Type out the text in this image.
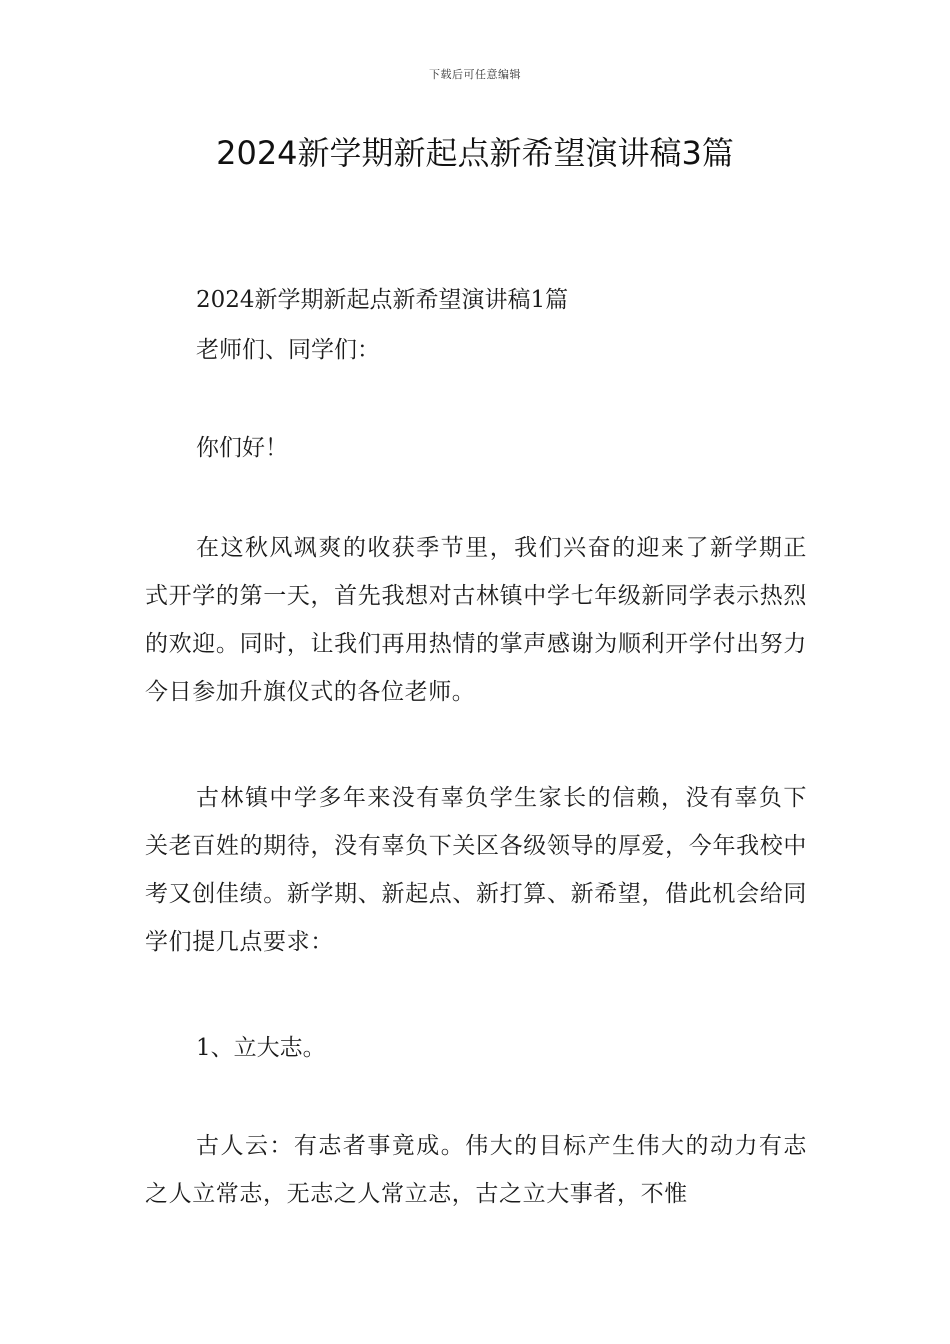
下载后可任意编辑
2024新学期新起点新希望演讲稿3篇

2024新学期新起点新希望演讲稿1篇

老师们、同学们：

你们好！

在这秋风飒爽的收获季节里，我们兴奋的迎来了新学期正式开学的第一天，首先我想对古林镇中学七年级新同学表示热烈的欢迎。同时，让我们再用热情的掌声感谢为顺利开学付出努力今日参加升旗仪式的各位老师。

古林镇中学多年来没有辜负学生家长的信赖，没有辜负下关老百姓的期待，没有辜负下关区各级领导的厚爱，今年我校中考又创佳绩。新学期、新起点、新打算、新希望，借此机会给同学们提几点要求：

1、立大志。

古人云：有志者事竟成。伟大的目标产生伟大的动力有志之人立常志，无志之人常立志，古之立大事者，不惟
